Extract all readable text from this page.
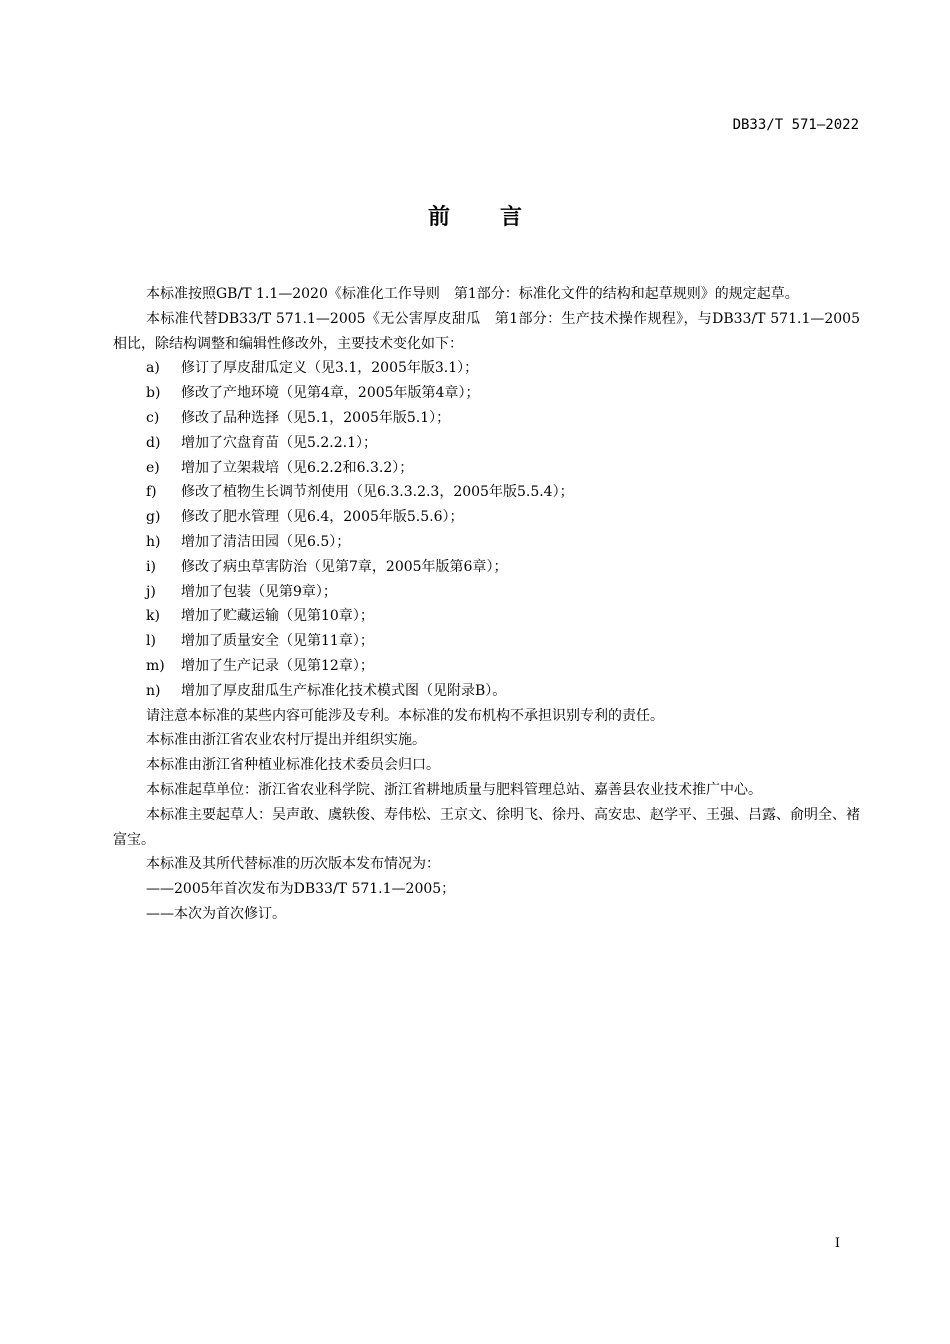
DB33/T 571—2022
前言

本标准按照GB/T 1.1—2020《标准化工作导则　第1部分：标准化文件的结构和起草规则》的规定起草。

本标准代替DB33/T 571.1—2005《无公害厚皮甜瓜　第1部分：生产技术操作规程》，与DB33/T 571.1—2005相比，除结构调整和编辑性修改外，主要技术变化如下：

a)	修订了厚皮甜瓜定义（见3.1，2005年版3.1）；
b)	修改了产地环境（见第4章，2005年版第4章）；
c)	修改了品种选择（见5.1，2005年版5.1）；
d)	增加了穴盘育苗（见5.2.2.1）；
e)	增加了立架栽培（见6.2.2和6.3.2）；
f)	修改了植物生长调节剂使用（见6.3.3.2.3，2005年版5.5.4）；
g)	修改了肥水管理（见6.4，2005年版5.5.6）；
h)	增加了清洁田园（见6.5）；
i)	修改了病虫草害防治（见第7章，2005年版第6章）；
j)	增加了包装（见第9章）；
k)	增加了贮藏运输（见第10章）；
l)	增加了质量安全（见第11章）；
m)	增加了生产记录（见第12章）；
n)	增加了厚皮甜瓜生产标准化技术模式图（见附录B）。

请注意本标准的某些内容可能涉及专利。本标准的发布机构不承担识别专利的责任。

本标准由浙江省农业农村厅提出并组织实施。

本标准由浙江省种植业标准化技术委员会归口。

本标准起草单位：浙江省农业科学院、浙江省耕地质量与肥料管理总站、嘉善县农业技术推广中心。

本标准主要起草人：吴声敢、虞轶俊、寿伟松、王京文、徐明飞、徐丹、高安忠、赵学平、王强、吕露、俞明全、褚富宝。

本标准及其所代替标准的历次版本发布情况为：

——2005年首次发布为DB33/T 571.1—2005；

——本次为首次修订。

I
